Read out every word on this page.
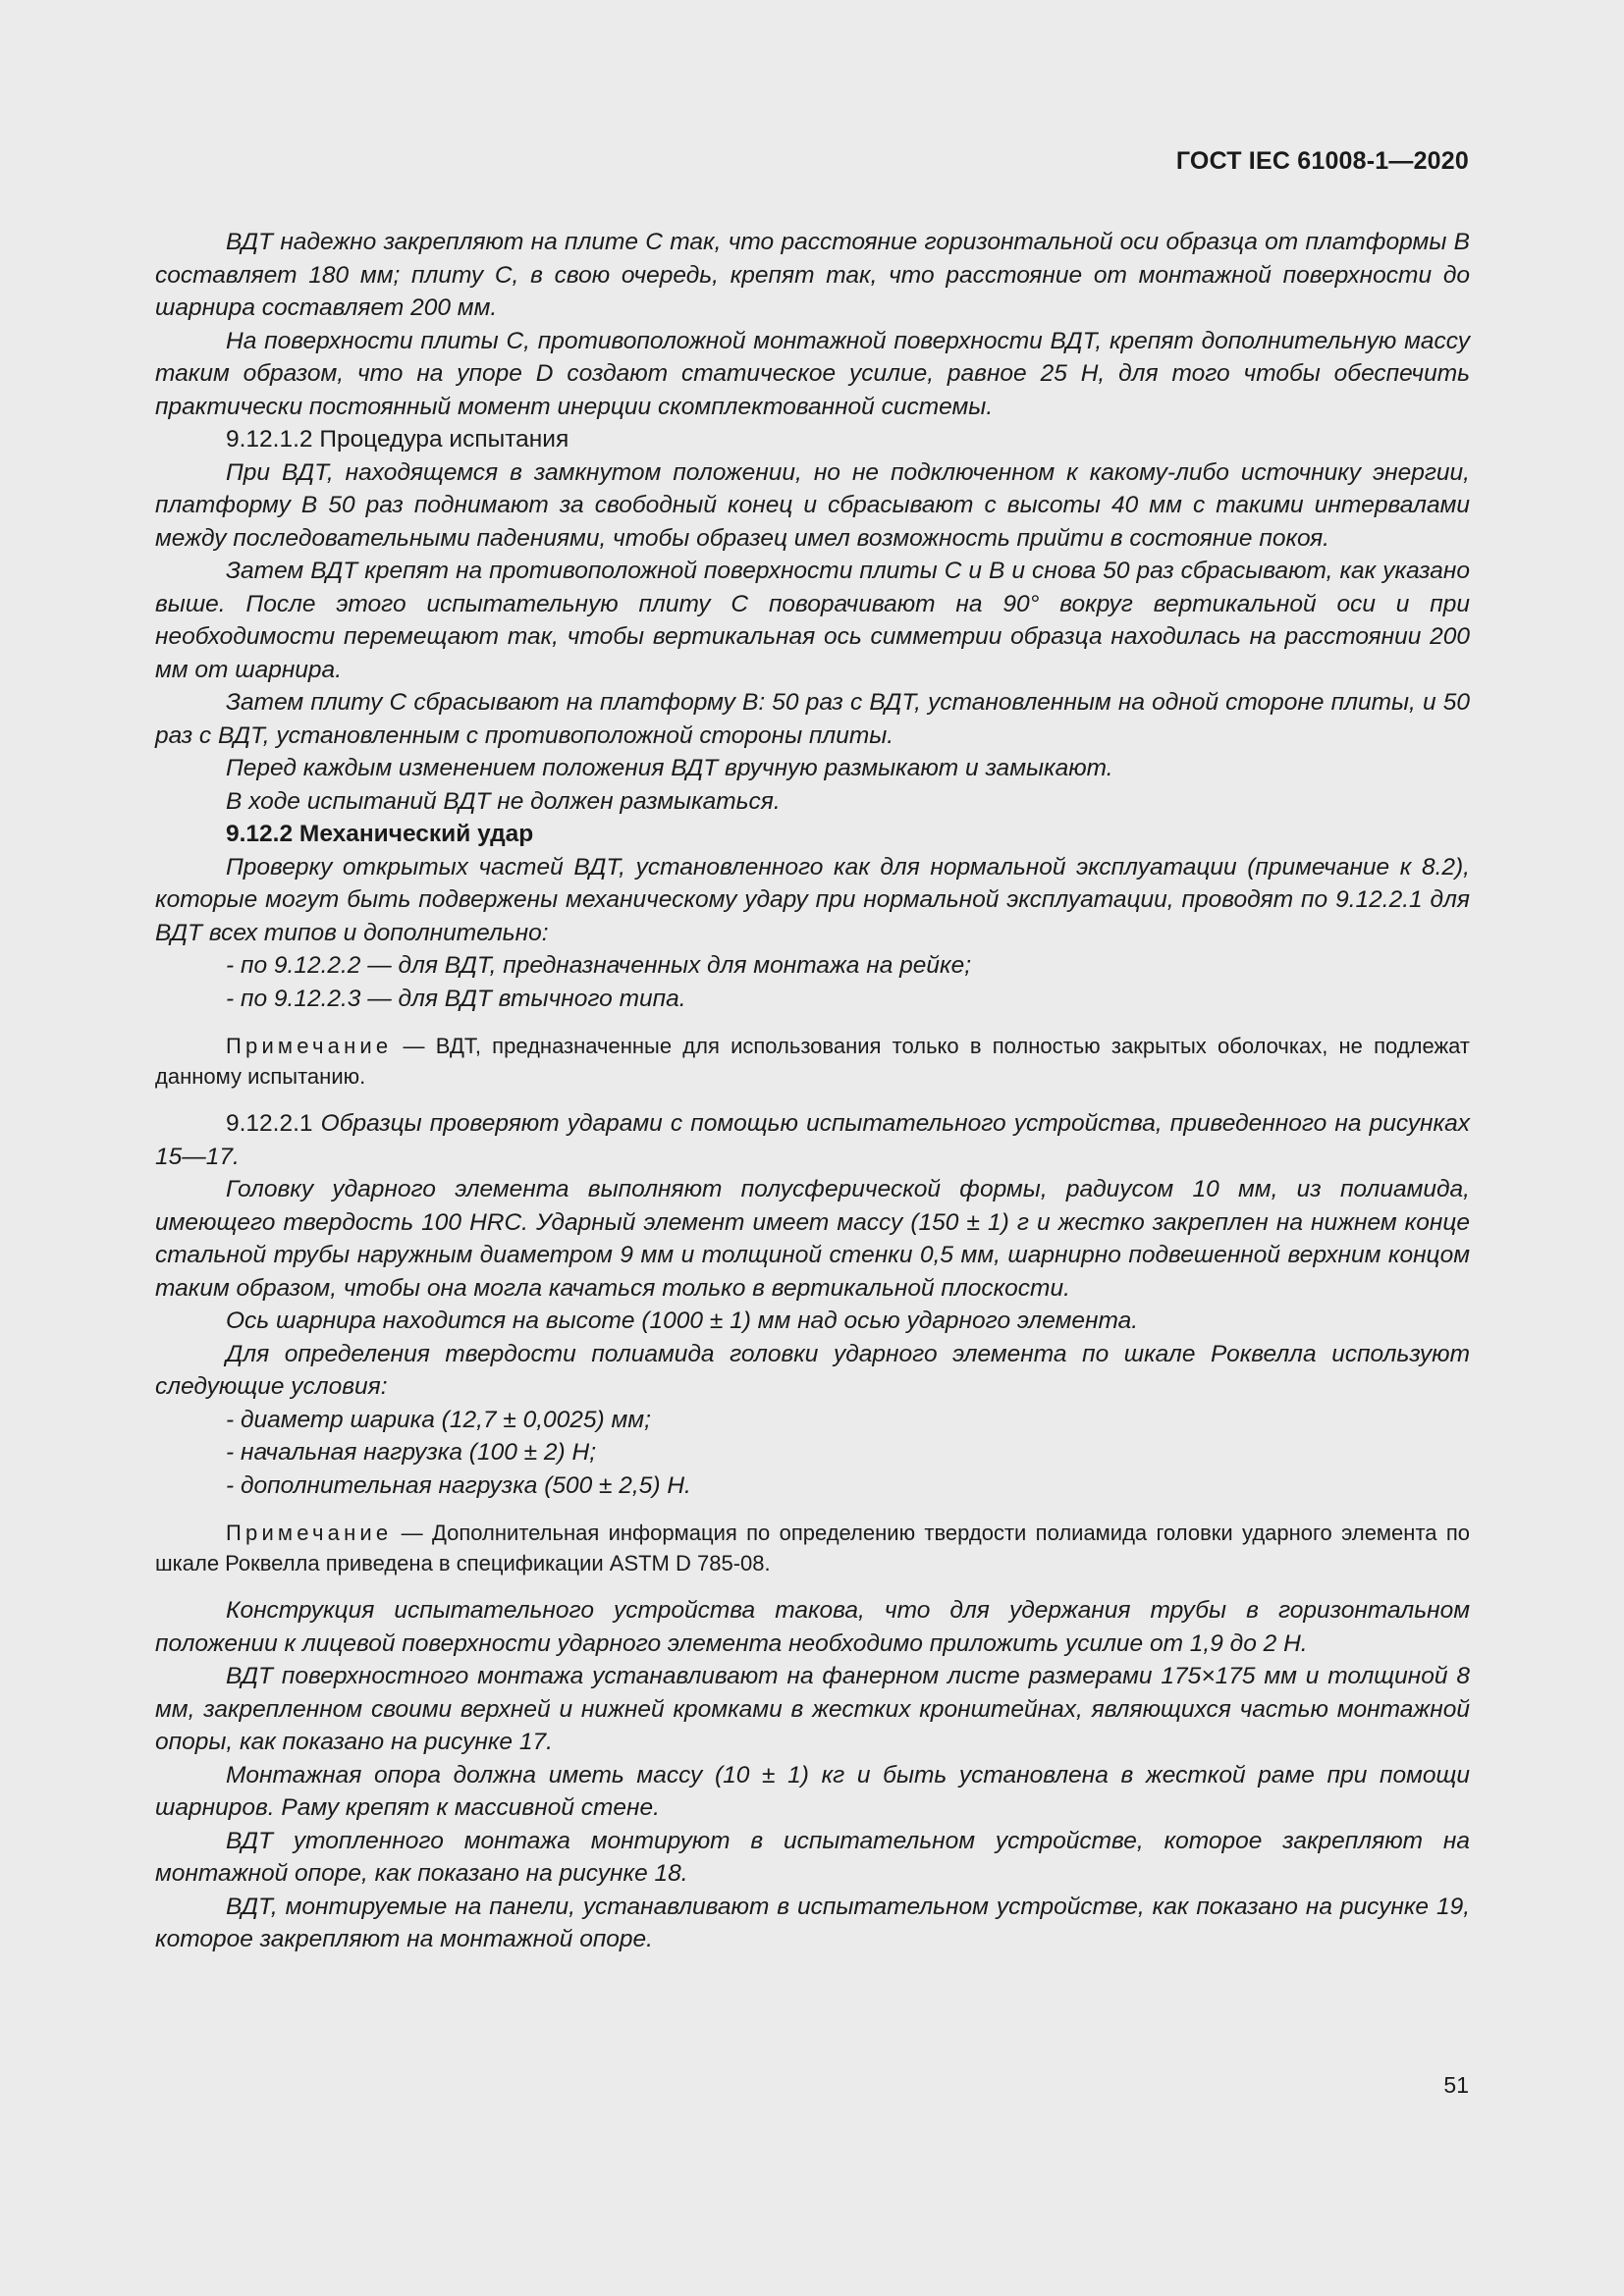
ГОСТ IEC 61008-1—2020

ВДТ надежно закрепляют на плите C так, что расстояние горизонтальной оси образца от платформы B составляет 180 мм; плиту C, в свою очередь, крепят так, что расстояние от монтажной поверхности до шарнира составляет 200 мм.

На поверхности плиты C, противоположной монтажной поверхности ВДТ, крепят дополнительную массу таким образом, что на упоре D создают статическое усилие, равное 25 Н, для того чтобы обеспечить практически постоянный момент инерции скомплектованной системы.

9.12.1.2 Процедура испытания

При ВДТ, находящемся в замкнутом положении, но не подключенном к какому-либо источнику энергии, платформу B 50 раз поднимают за свободный конец и сбрасывают с высоты 40 мм с такими интервалами между последовательными падениями, чтобы образец имел возможность прийти в состояние покоя.

Затем ВДТ крепят на противоположной поверхности плиты C и B и снова 50 раз сбрасывают, как указано выше. После этого испытательную плиту C поворачивают на 90° вокруг вертикальной оси и при необходимости перемещают так, чтобы вертикальная ось симметрии образца находилась на расстоянии 200 мм от шарнира.

Затем плиту C сбрасывают на платформу B: 50 раз с ВДТ, установленным на одной стороне плиты, и 50 раз с ВДТ, установленным с противоположной стороны плиты.

Перед каждым изменением положения ВДТ вручную размыкают и замыкают.

В ходе испытаний ВДТ не должен размыкаться.

9.12.2 Механический удар

Проверку открытых частей ВДТ, установленного как для нормальной эксплуатации (примечание к 8.2), которые могут быть подвержены механическому удару при нормальной эксплуатации, проводят по 9.12.2.1 для ВДТ всех типов и дополнительно:

- по 9.12.2.2 — для ВДТ, предназначенных для монтажа на рейке;

- по 9.12.2.3 — для ВДТ втычного типа.

Примечание — ВДТ, предназначенные для использования только в полностью закрытых оболочках, не подлежат данному испытанию.

9.12.2.1 Образцы проверяют ударами с помощью испытательного устройства, приведенного на рисунках 15—17.

Головку ударного элемента выполняют полусферической формы, радиусом 10 мм, из полиамида, имеющего твердость 100 HRC. Ударный элемент имеет массу (150 ± 1) г и жестко закреплен на нижнем конце стальной трубы наружным диаметром 9 мм и толщиной стенки 0,5 мм, шарнирно подвешенной верхним концом таким образом, чтобы она могла качаться только в вертикальной плоскости.

Ось шарнира находится на высоте (1000 ± 1) мм над осью ударного элемента.

Для определения твердости полиамида головки ударного элемента по шкале Роквелла используют следующие условия:

- диаметр шарика (12,7 ± 0,0025) мм;

- начальная нагрузка (100 ± 2) Н;

- дополнительная нагрузка (500 ± 2,5) Н.

Примечание — Дополнительная информация по определению твердости полиамида головки ударного элемента по шкале Роквелла приведена в спецификации ASTM D 785-08.

Конструкция испытательного устройства такова, что для удержания трубы в горизонтальном положении к лицевой поверхности ударного элемента необходимо приложить усилие от 1,9 до 2 Н.

ВДТ поверхностного монтажа устанавливают на фанерном листе размерами 175×175 мм и толщиной 8 мм, закрепленном своими верхней и нижней кромками в жестких кронштейнах, являющихся частью монтажной опоры, как показано на рисунке 17.

Монтажная опора должна иметь массу (10 ± 1) кг и быть установлена в жесткой раме при помощи шарниров. Раму крепят к массивной стене.

ВДТ утопленного монтажа монтируют в испытательном устройстве, которое закрепляют на монтажной опоре, как показано на рисунке 18.

ВДТ, монтируемые на панели, устанавливают в испытательном устройстве, как показано на рисунке 19, которое закрепляют на монтажной опоре.

51
